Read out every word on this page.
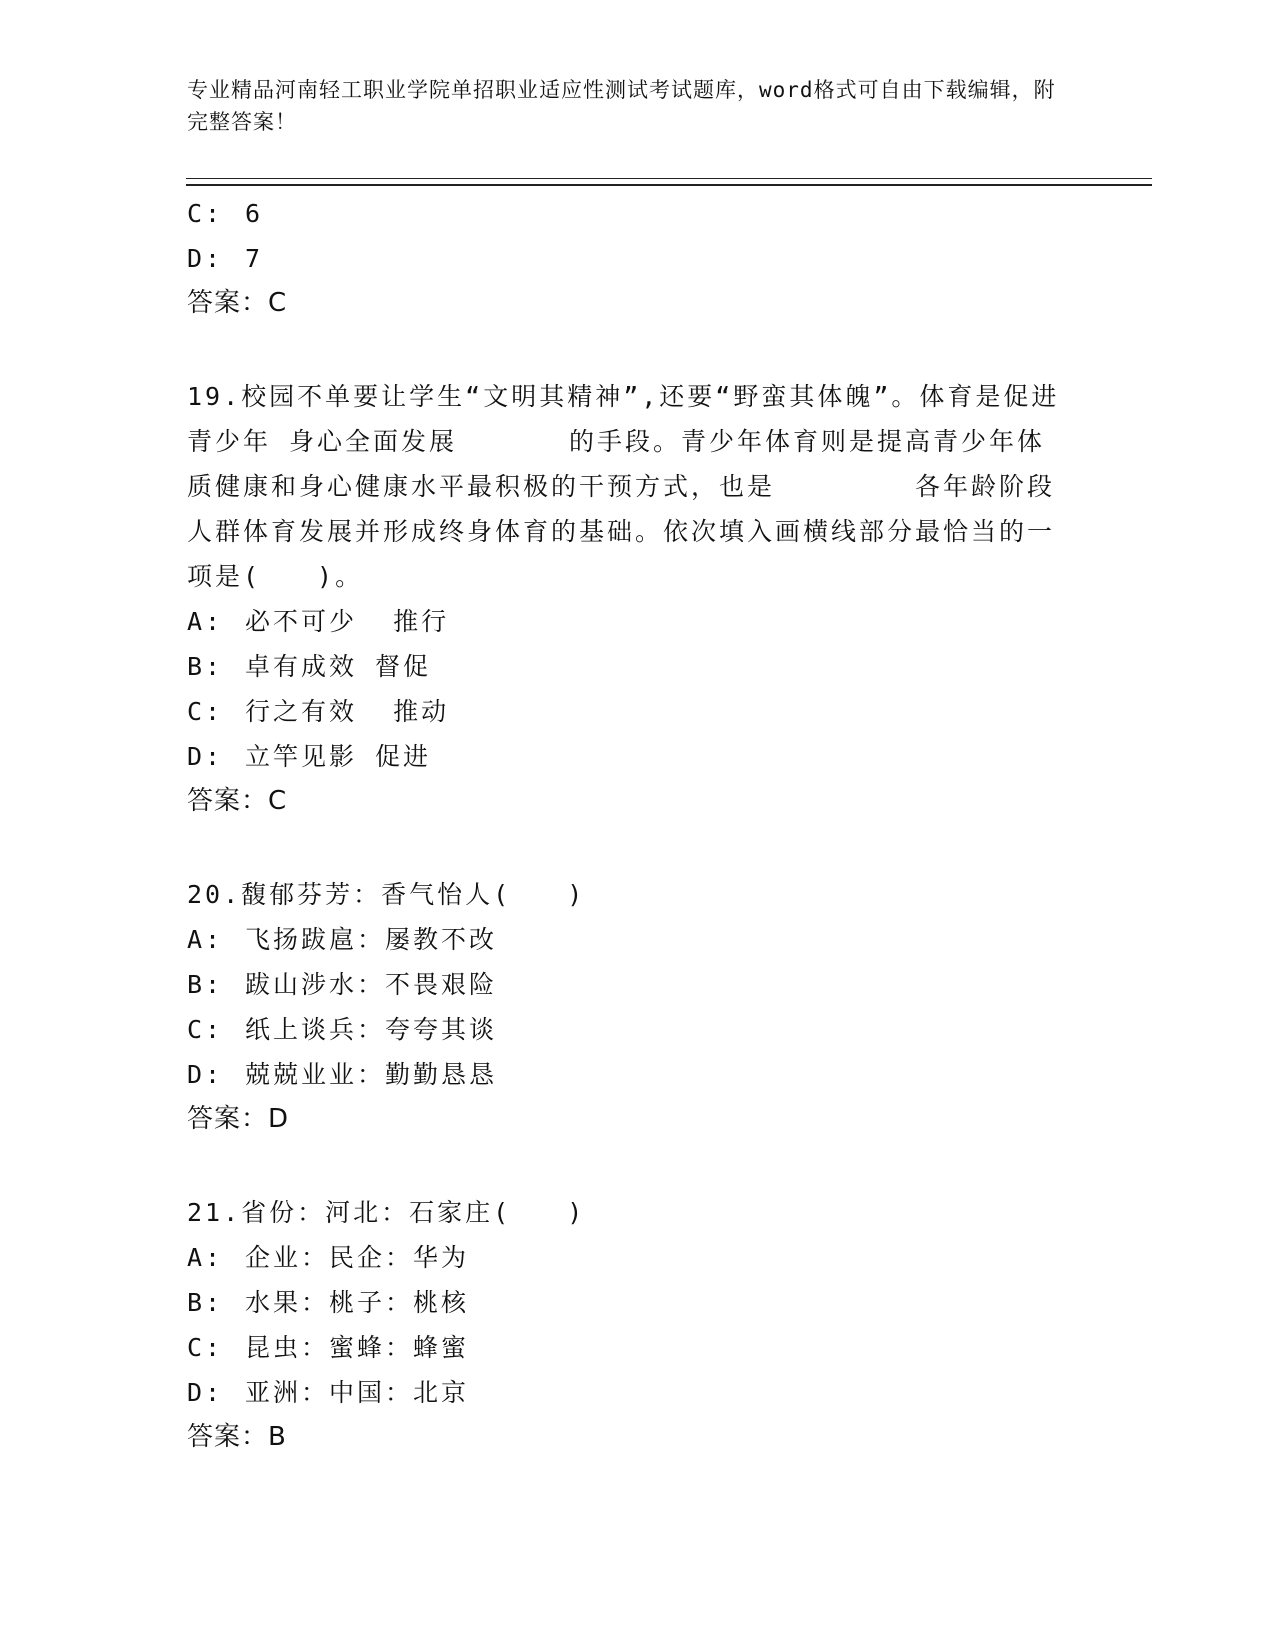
专业精品河南轻工职业学院单招职业适应性测试考试题库，word格式可自由下载编辑，附完整答案！
C: 6
D: 7
答案：C
19.校园不单要让学生“文明其精神”,还要“野蛮其体魄”。体育是促进青少年 身心全面发展　　　　的手段。青少年体育则是提高青少年体质健康和身心健康水平最积极的干预方式，也是　　　　　各年龄阶段人群体育发展并形成终身体育的基础。依次填入画横线部分最恰当的一项是(　　)。
A: 必不可少  推行
B: 卓有成效 督促
C: 行之有效  推动
D: 立竿见影 促进
答案：C
20.馥郁芬芳：香气怡人(　　)
A: 飞扬跋扈：屡教不改
B: 跋山涉水：不畏艰险
C: 纸上谈兵：夸夸其谈
D: 兢兢业业：勤勤恳恳
答案：D
21.省份：河北：石家庄(　　)
A: 企业：民企：华为
B: 水果：桃子：桃核
C: 昆虫：蜜蜂：蜂蜜
D: 亚洲：中国：北京
答案：B
